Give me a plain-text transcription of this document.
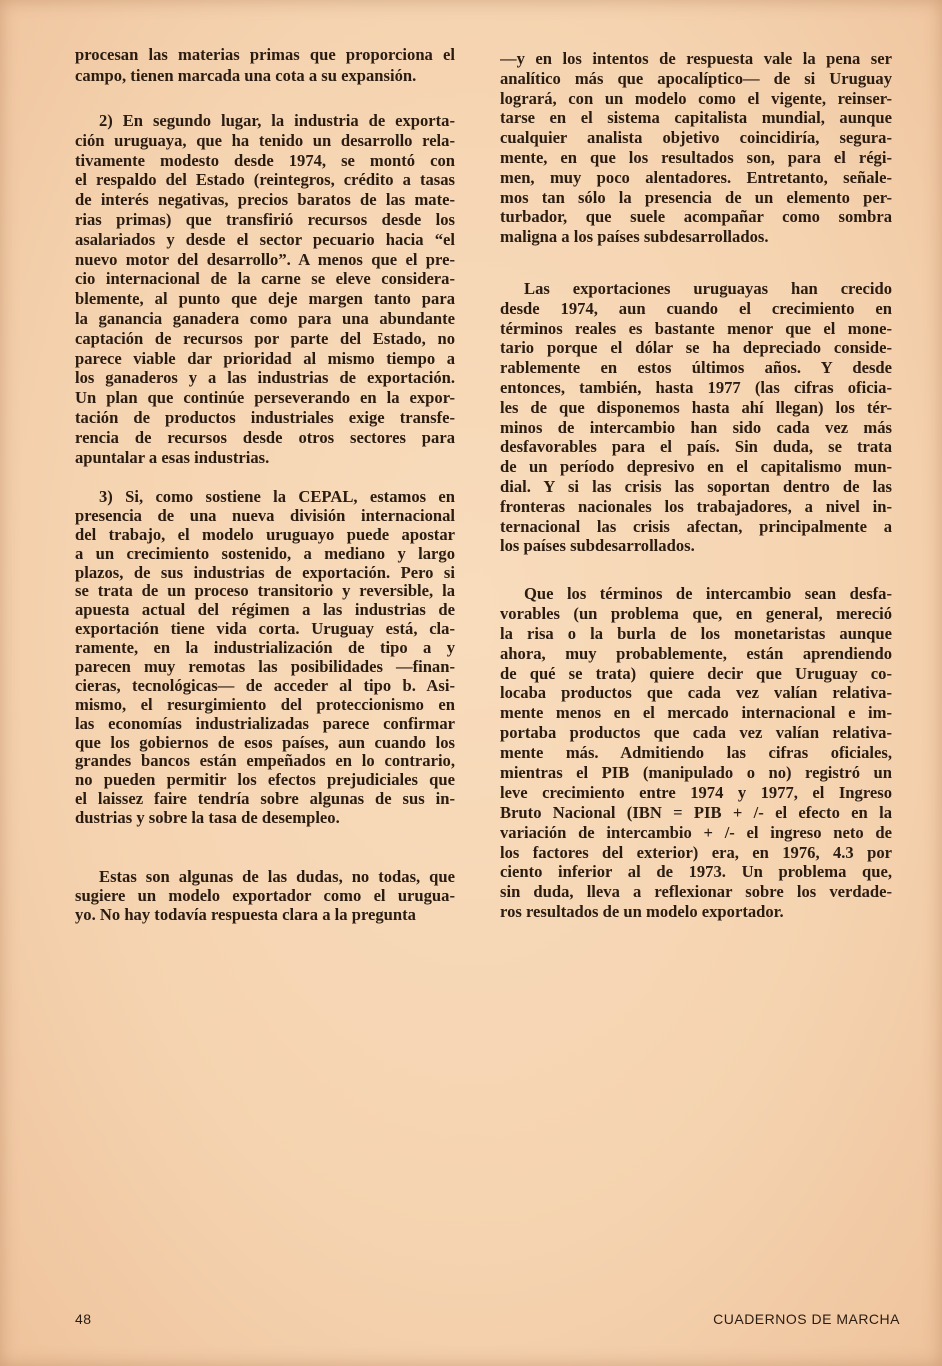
procesan las materias primas que proporciona el
campo, tienen marcada una cota a su expansión.
2) En segundo lugar, la industria de exporta-
ción uruguaya, que ha tenido un desarrollo rela-
tivamente modesto desde 1974, se montó con
el respaldo del Estado (reintegros, crédito a tasas
de interés negativas, precios baratos de las mate-
rias primas) que transfirió recursos desde los
asalariados y desde el sector pecuario hacia “el
nuevo motor del desarrollo”. A menos que el pre-
cio internacional de la carne se eleve considera-
blemente, al punto que deje margen tanto para
la ganancia ganadera como para una abundante
captación de recursos por parte del Estado, no
parece viable dar prioridad al mismo tiempo a
los ganaderos y a las industrias de exportación.
Un plan que continúe perseverando en la expor-
tación de productos industriales exige transfe-
rencia de recursos desde otros sectores para
apuntalar a esas industrias.
3) Si, como sostiene la CEPAL, estamos en
presencia de una nueva división internacional
del trabajo, el modelo uruguayo puede apostar
a un crecimiento sostenido, a mediano y largo
plazos, de sus industrias de exportación. Pero si
se trata de un proceso transitorio y reversible, la
apuesta actual del régimen a las industrias de
exportación tiene vida corta. Uruguay está, cla-
ramente, en la industrialización de tipo a y
parecen muy remotas las posibilidades —finan-
cieras, tecnológicas— de acceder al tipo b. Asi-
mismo, el resurgimiento del proteccionismo en
las economías industrializadas parece confirmar
que los gobiernos de esos países, aun cuando los
grandes bancos están empeñados en lo contrario,
no pueden permitir los efectos prejudiciales que
el laissez faire tendría sobre algunas de sus in-
dustrias y sobre la tasa de desempleo.
Estas son algunas de las dudas, no todas, que
sugiere un modelo exportador como el urugua-
yo. No hay todavía respuesta clara a la pregunta
—y en los intentos de respuesta vale la pena ser
analítico más que apocalíptico— de si Uruguay
logrará, con un modelo como el vigente, reinser-
tarse en el sistema capitalista mundial, aunque
cualquier analista objetivo coincidiría, segura-
mente, en que los resultados son, para el régi-
men, muy poco alentadores. Entretanto, señale-
mos tan sólo la presencia de un elemento per-
turbador, que suele acompañar como sombra
maligna a los países subdesarrollados.
Las exportaciones uruguayas han crecido
desde 1974, aun cuando el crecimiento en
términos reales es bastante menor que el mone-
tario porque el dólar se ha depreciado conside-
rablemente en estos últimos años. Y desde
entonces, también, hasta 1977 (las cifras oficia-
les de que disponemos hasta ahí llegan) los tér-
minos de intercambio han sido cada vez más
desfavorables para el país. Sin duda, se trata
de un período depresivo en el capitalismo mun-
dial. Y si las crisis las soportan dentro de las
fronteras nacionales los trabajadores, a nivel in-
ternacional las crisis afectan, principalmente a
los países subdesarrollados.
Que los términos de intercambio sean desfa-
vorables (un problema que, en general, mereció
la risa o la burla de los monetaristas aunque
ahora, muy probablemente, están aprendiendo
de qué se trata) quiere decir que Uruguay co-
locaba productos que cada vez valían relativa-
mente menos en el mercado internacional e im-
portaba productos que cada vez valían relativa-
mente más. Admitiendo las cifras oficiales,
mientras el PIB (manipulado o no) registró un
leve crecimiento entre 1974 y 1977, el Ingreso
Bruto Nacional (IBN = PIB + /- el efecto en la
variación de intercambio + /- el ingreso neto de
los factores del exterior) era, en 1976, 4.3 por
ciento inferior al de 1973. Un problema que,
sin duda, lleva a reflexionar sobre los verdade-
ros resultados de un modelo exportador.
48	CUADERNOS DE MARCHA
